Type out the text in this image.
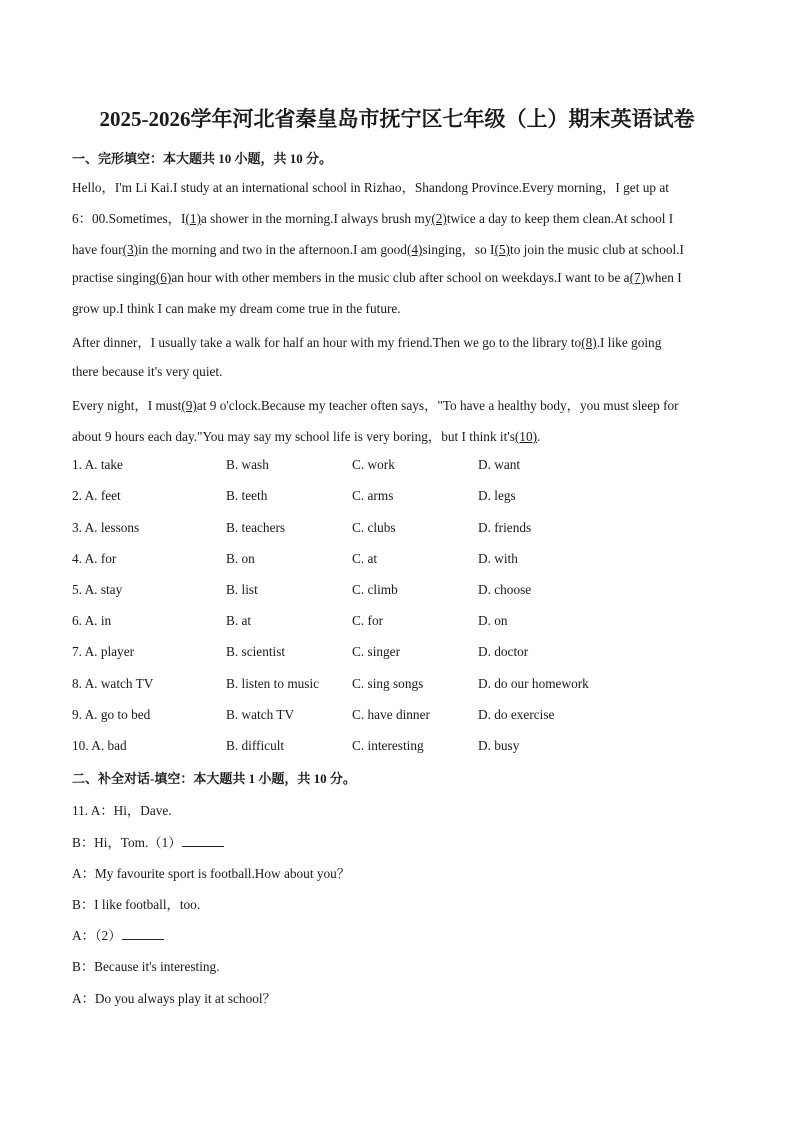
2025-2026学年河北省秦皇岛市抚宁区七年级（上）期末英语试卷
一、完形填空：本大题共 10 小题，共 10 分。
Hello，I'm Li Kai.I study at an international school in Rizhao，Shandong Province.Every morning，I get up at
6：00.Sometimes，I(1)a shower in the morning.I always brush my(2)twice a day to keep them clean.At school I
have four(3)in the morning and two in the afternoon.I am good(4)singing，so I(5)to join the music club at school.I
practise singing(6)an hour with other members in the music club after school on weekdays.I want to be a(7)when I
grow up.I think I can make my dream come true in the future.
After dinner，I usually take a walk for half an hour with my friend.Then we go to the library to(8).I like going
there because it's very quiet.
Every night，I must(9)at 9 o'clock.Because my teacher often says，"To have a healthy body，you must sleep for
about 9 hours each day."You may say my school life is very boring，but I think it's(10).
1. A. take	B. wash	C. work	D. want
2. A. feet	B. teeth	C. arms	D. legs
3. A. lessons	B. teachers	C. clubs	D. friends
4. A. for	B. on	C. at	D. with
5. A. stay	B. list	C. climb	D. choose
6. A. in	B. at	C. for	D. on
7. A. player	B. scientist	C. singer	D. doctor
8. A. watch TV	B. listen to music C. sing songs	D. do our homework
9. A. go to bed	B. watch TV	C. have dinner	D. do exercise
10. A. bad	B. difficult	C. interesting	D. busy
二、补全对话-填空：本大题共 1 小题，共 10 分。
11. A：Hi，Dave.
B：Hi，Tom.（1）
A：My favourite sport is football.How about you？
B：I like football，too.
A：（2）
B：Because it's interesting.
A：Do you always play it at school？
